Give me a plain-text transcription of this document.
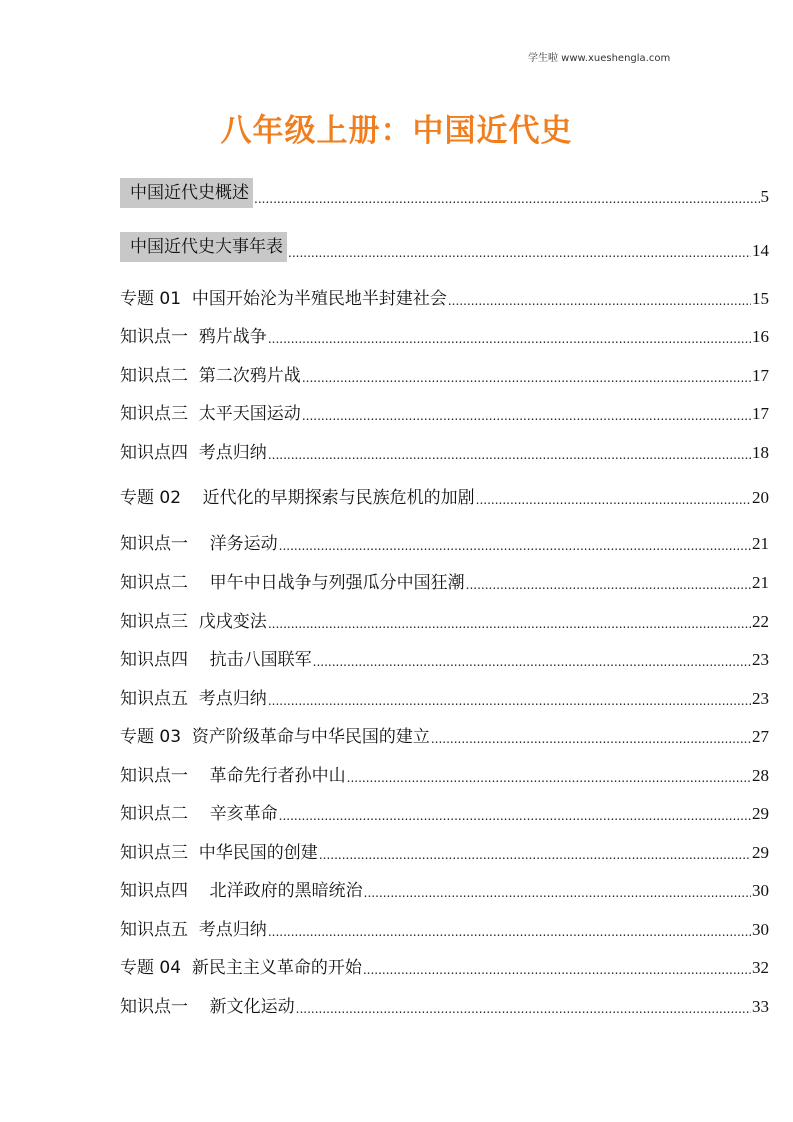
学生啦 www.xueshengla.com
八年级上册：中国近代史
中国近代史概述 .....	5
中国近代史大事年表 .....	14
专题 01  中国开始沦为半殖民地半封建社会 .....	15
知识点一  鸦片战争 .....	16
知识点二  第二次鸦片战 .....	17
知识点三  太平天国运动 .....	17
知识点四  考点归纳 .....	18
专题 02    近代化的早期探索与民族危机的加剧 .....	20
知识点一    洋务运动 .....	21
知识点二    甲午中日战争与列强瓜分中国狂潮 .....	21
知识点三  戊戌变法 .....	22
知识点四    抗击八国联军 .....	23
知识点五  考点归纳 .....	23
专题 03  资产阶级革命与中华民国的建立 .....	27
知识点一    革命先行者孙中山 .....	28
知识点二    辛亥革命 .....	29
知识点三  中华民国的创建 .....	29
知识点四    北洋政府的黑暗统治 .....	30
知识点五  考点归纳 .....	30
专题 04  新民主主义革命的开始 .....	32
知识点一    新文化运动 .....	33
